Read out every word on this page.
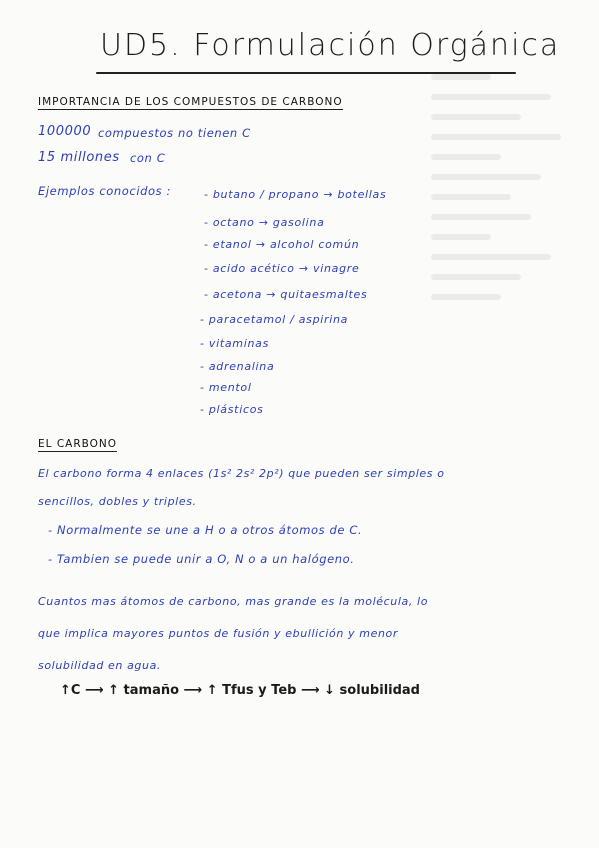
UD5. Formulación Orgánica
IMPORTANCIA DE LOS COMPUESTOS DE CARBONO
100000 compuestos no tienen C
15 millones con C
Ejemplos conocidos :	- butano / propano → botellas
- octano → gasolina
- etanol → alcohol común
- acido acético → vinagre
- acetona → quitaesmaltes
- paracetamol / aspirina
- vitaminas
- adrenalina
- mentol
- plásticos
EL CARBONO
El carbono forma 4 enlaces (1s² 2s² 2p²) que pueden ser simples o
sencillos, dobles y triples.
- Normalmente se une a H o a otros átomos de C.
- Tambien se puede unir a O, N o a un halógeno.
Cuantos mas átomos de carbono, mas grande es la molécula, lo
que implica mayores puntos de fusión y ebullición y menor
solubilidad en agua.
↑C ⟶ ↑ tamaño ⟶ ↑ Tfus y Teb ⟶ ↓ solubilidad
